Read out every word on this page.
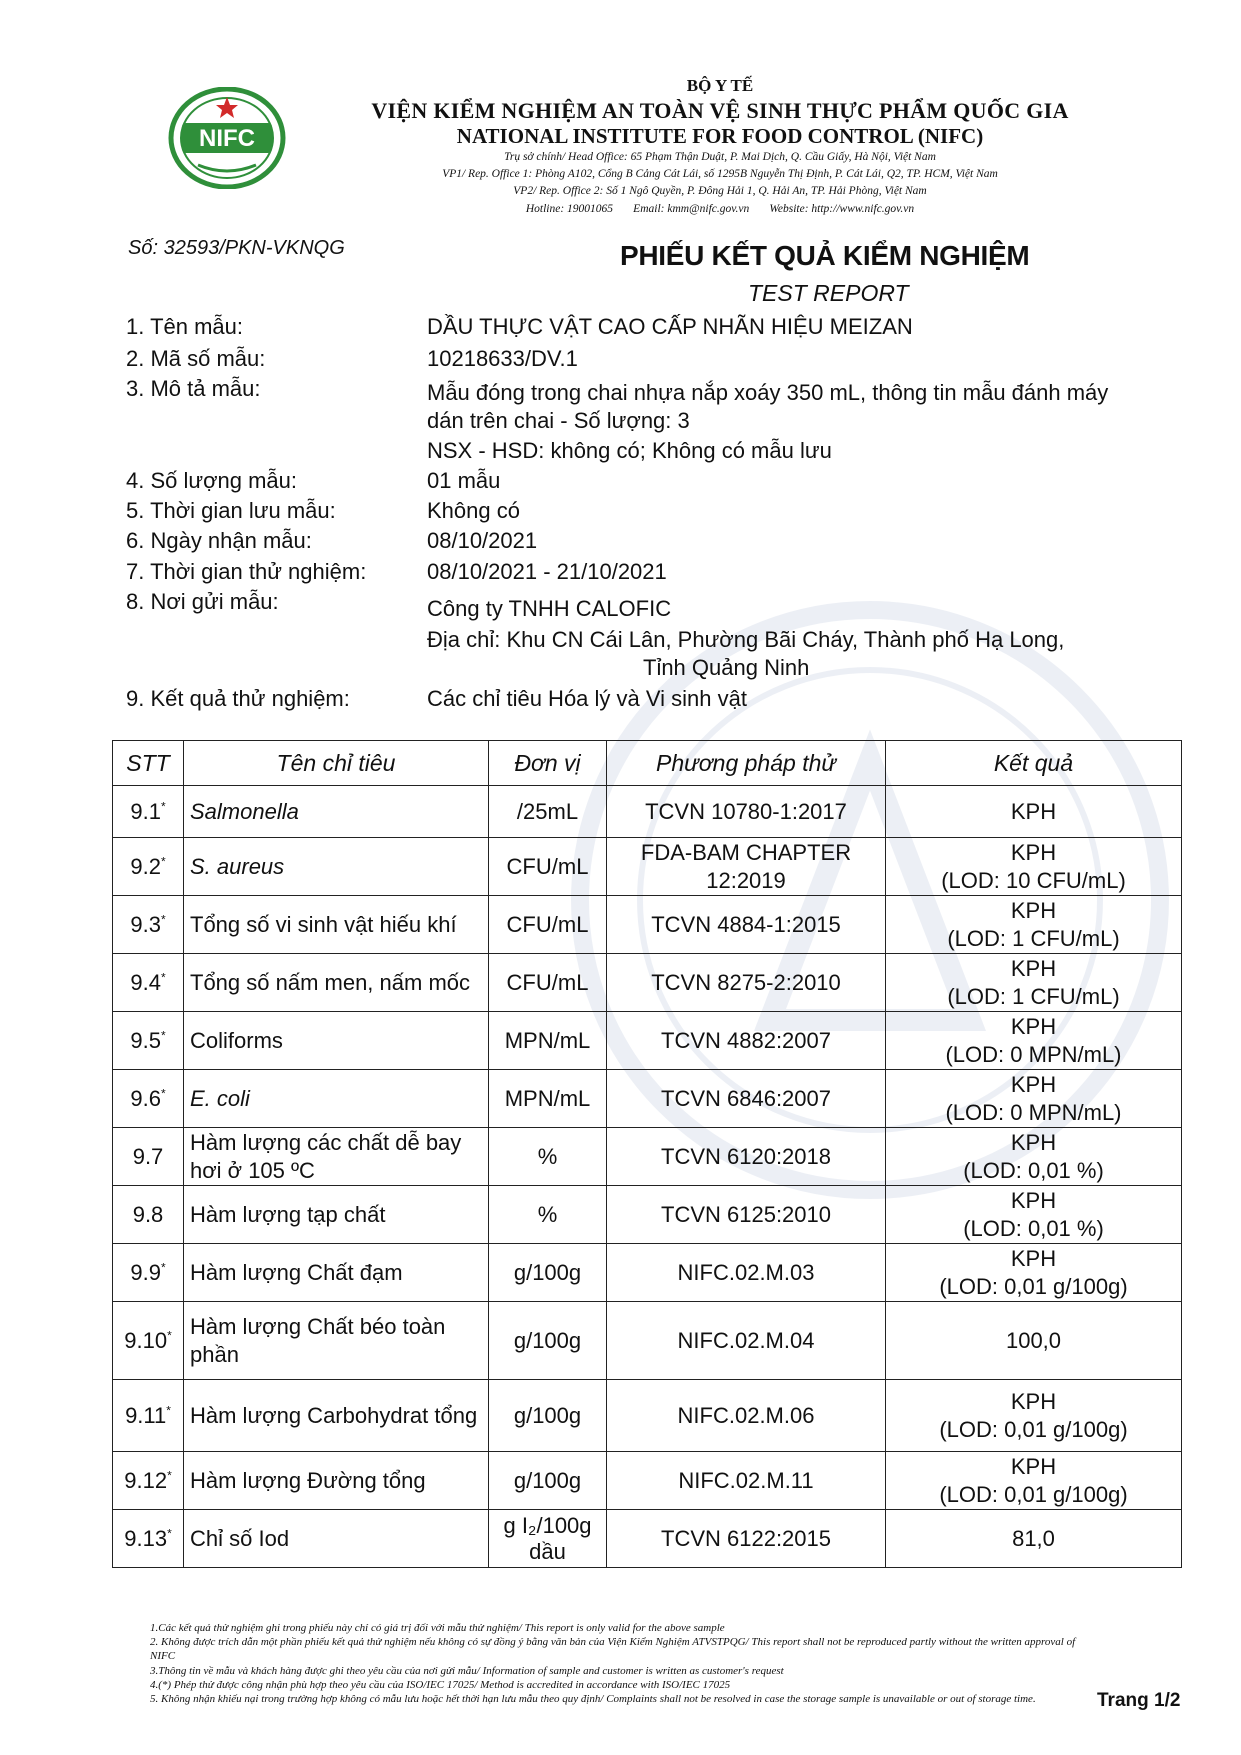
NIFC
BỘ Y TẾ
VIỆN KIỂM NGHIỆM AN TOÀN VỆ SINH THỰC PHẨM QUỐC GIA
NATIONAL INSTITUTE FOR FOOD CONTROL (NIFC)
Trụ sở chính/ Head Office: 65 Phạm Thận Duật, P. Mai Dịch, Q. Cầu Giấy, Hà Nội, Việt Nam
VP1/ Rep. Office 1: Phòng A102, Cổng B Cảng Cát Lái, số 1295B Nguyễn Thị Định, P. Cát Lái, Q2, TP. HCM, Việt Nam
VP2/ Rep. Office 2: Số 1 Ngô Quyền, P. Đông Hải 1, Q. Hải An, TP. Hải Phòng, Việt Nam
Hotline: 19001065       Email: kmm@nifc.gov.vn       Website: http://www.nifc.gov.vn
Số: 32593/PKN-VKNQG	PHIẾU KẾT QUẢ KIỂM NGHIỆM
TEST REPORT
1. Tên mẫu:	DẦU THỰC VẬT CAO CẤP NHÃN HIỆU MEIZAN
2. Mã số mẫu:	10218633/DV.1
3. Mô tả mẫu:	Mẫu đóng trong chai nhựa nắp xoáy 350 mL, thông tin mẫu đánh máy
dán trên chai - Số lượng: 3
NSX - HSD: không có; Không có mẫu lưu
4. Số lượng mẫu:	01 mẫu
5. Thời gian lưu mẫu:	Không có
6. Ngày nhận mẫu:	08/10/2021
7. Thời gian thử nghiệm:	08/10/2021 - 21/10/2021
8. Nơi gửi mẫu:	Công ty TNHH CALOFIC
Địa chỉ: Khu CN Cái Lân, Phường Bãi Cháy, Thành phố Hạ Long,
Tỉnh Quảng Ninh
9. Kết quả thử nghiệm:	Các chỉ tiêu Hóa lý và Vi sinh vật
STT	Tên chỉ tiêu	Đơn vị	Phương pháp thử	Kết quả
9.1*	Salmonella	/25mL	TCVN 10780-1:2017	KPH

9.2*	S. aureus	CFU/mL	FDA-BAM CHAPTER 12:2019	KPH
(LOD: 10 CFU/mL)

9.3*	Tổng số vi sinh vật hiếu khí	CFU/mL	TCVN 4884-1:2015	KPH
(LOD: 1 CFU/mL)

9.4*	Tổng số nấm men, nấm mốc	CFU/mL	TCVN 8275-2:2010	KPH
(LOD: 1 CFU/mL)

9.5*	Coliforms	MPN/mL	TCVN 4882:2007	KPH
(LOD: 0 MPN/mL)

9.6*	E. coli	MPN/mL	TCVN 6846:2007	KPH
(LOD: 0 MPN/mL)

9.7	Hàm lượng các chất dễ bay hơi ở 105 ºC	%	TCVN 6120:2018	KPH
(LOD: 0,01 %)

9.8	Hàm lượng tạp chất	%	TCVN 6125:2010	KPH
(LOD: 0,01 %)

9.9*	Hàm lượng Chất đạm	g/100g	NIFC.02.M.03	KPH
(LOD: 0,01 g/100g)

9.10*	Hàm lượng Chất béo toàn phần	g/100g	NIFC.02.M.04	100,0

9.11*	Hàm lượng Carbohydrat tổng	g/100g	NIFC.02.M.06	KPH
(LOD: 0,01 g/100g)

9.12*	Hàm lượng Đường tổng	g/100g	NIFC.02.M.11	KPH
(LOD: 0,01 g/100g)

9.13*	Chỉ số Iod	g I₂/100g dầu	TCVN 6122:2015	81,0
1.Các kết quả thử nghiệm ghi trong phiếu này chỉ có giá trị đối với mẫu thử nghiệm/ This report is only valid for the above sample
2. Không được trích dẫn một phần phiếu kết quả thử nghiệm nếu không có sự đồng ý bằng văn bản của Viện Kiểm Nghiệm ATVSTPQG/ This report shall not be reproduced partly without the written approval of NIFC
3.Thông tin về mẫu và khách hàng được ghi theo yêu cầu của nơi gửi mẫu/ Information of sample and customer is written as customer's request
4.(*) Phép thử được công nhận phù hợp theo yêu cầu của ISO/IEC 17025/ Method is accredited in accordance with ISO/IEC 17025
5. Không nhận khiếu nại trong trường hợp không có mẫu lưu hoặc hết thời hạn lưu mẫu theo quy định/ Complaints shall not be resolved in case the storage sample is unavailable or out of storage time.	Trang 1/2
